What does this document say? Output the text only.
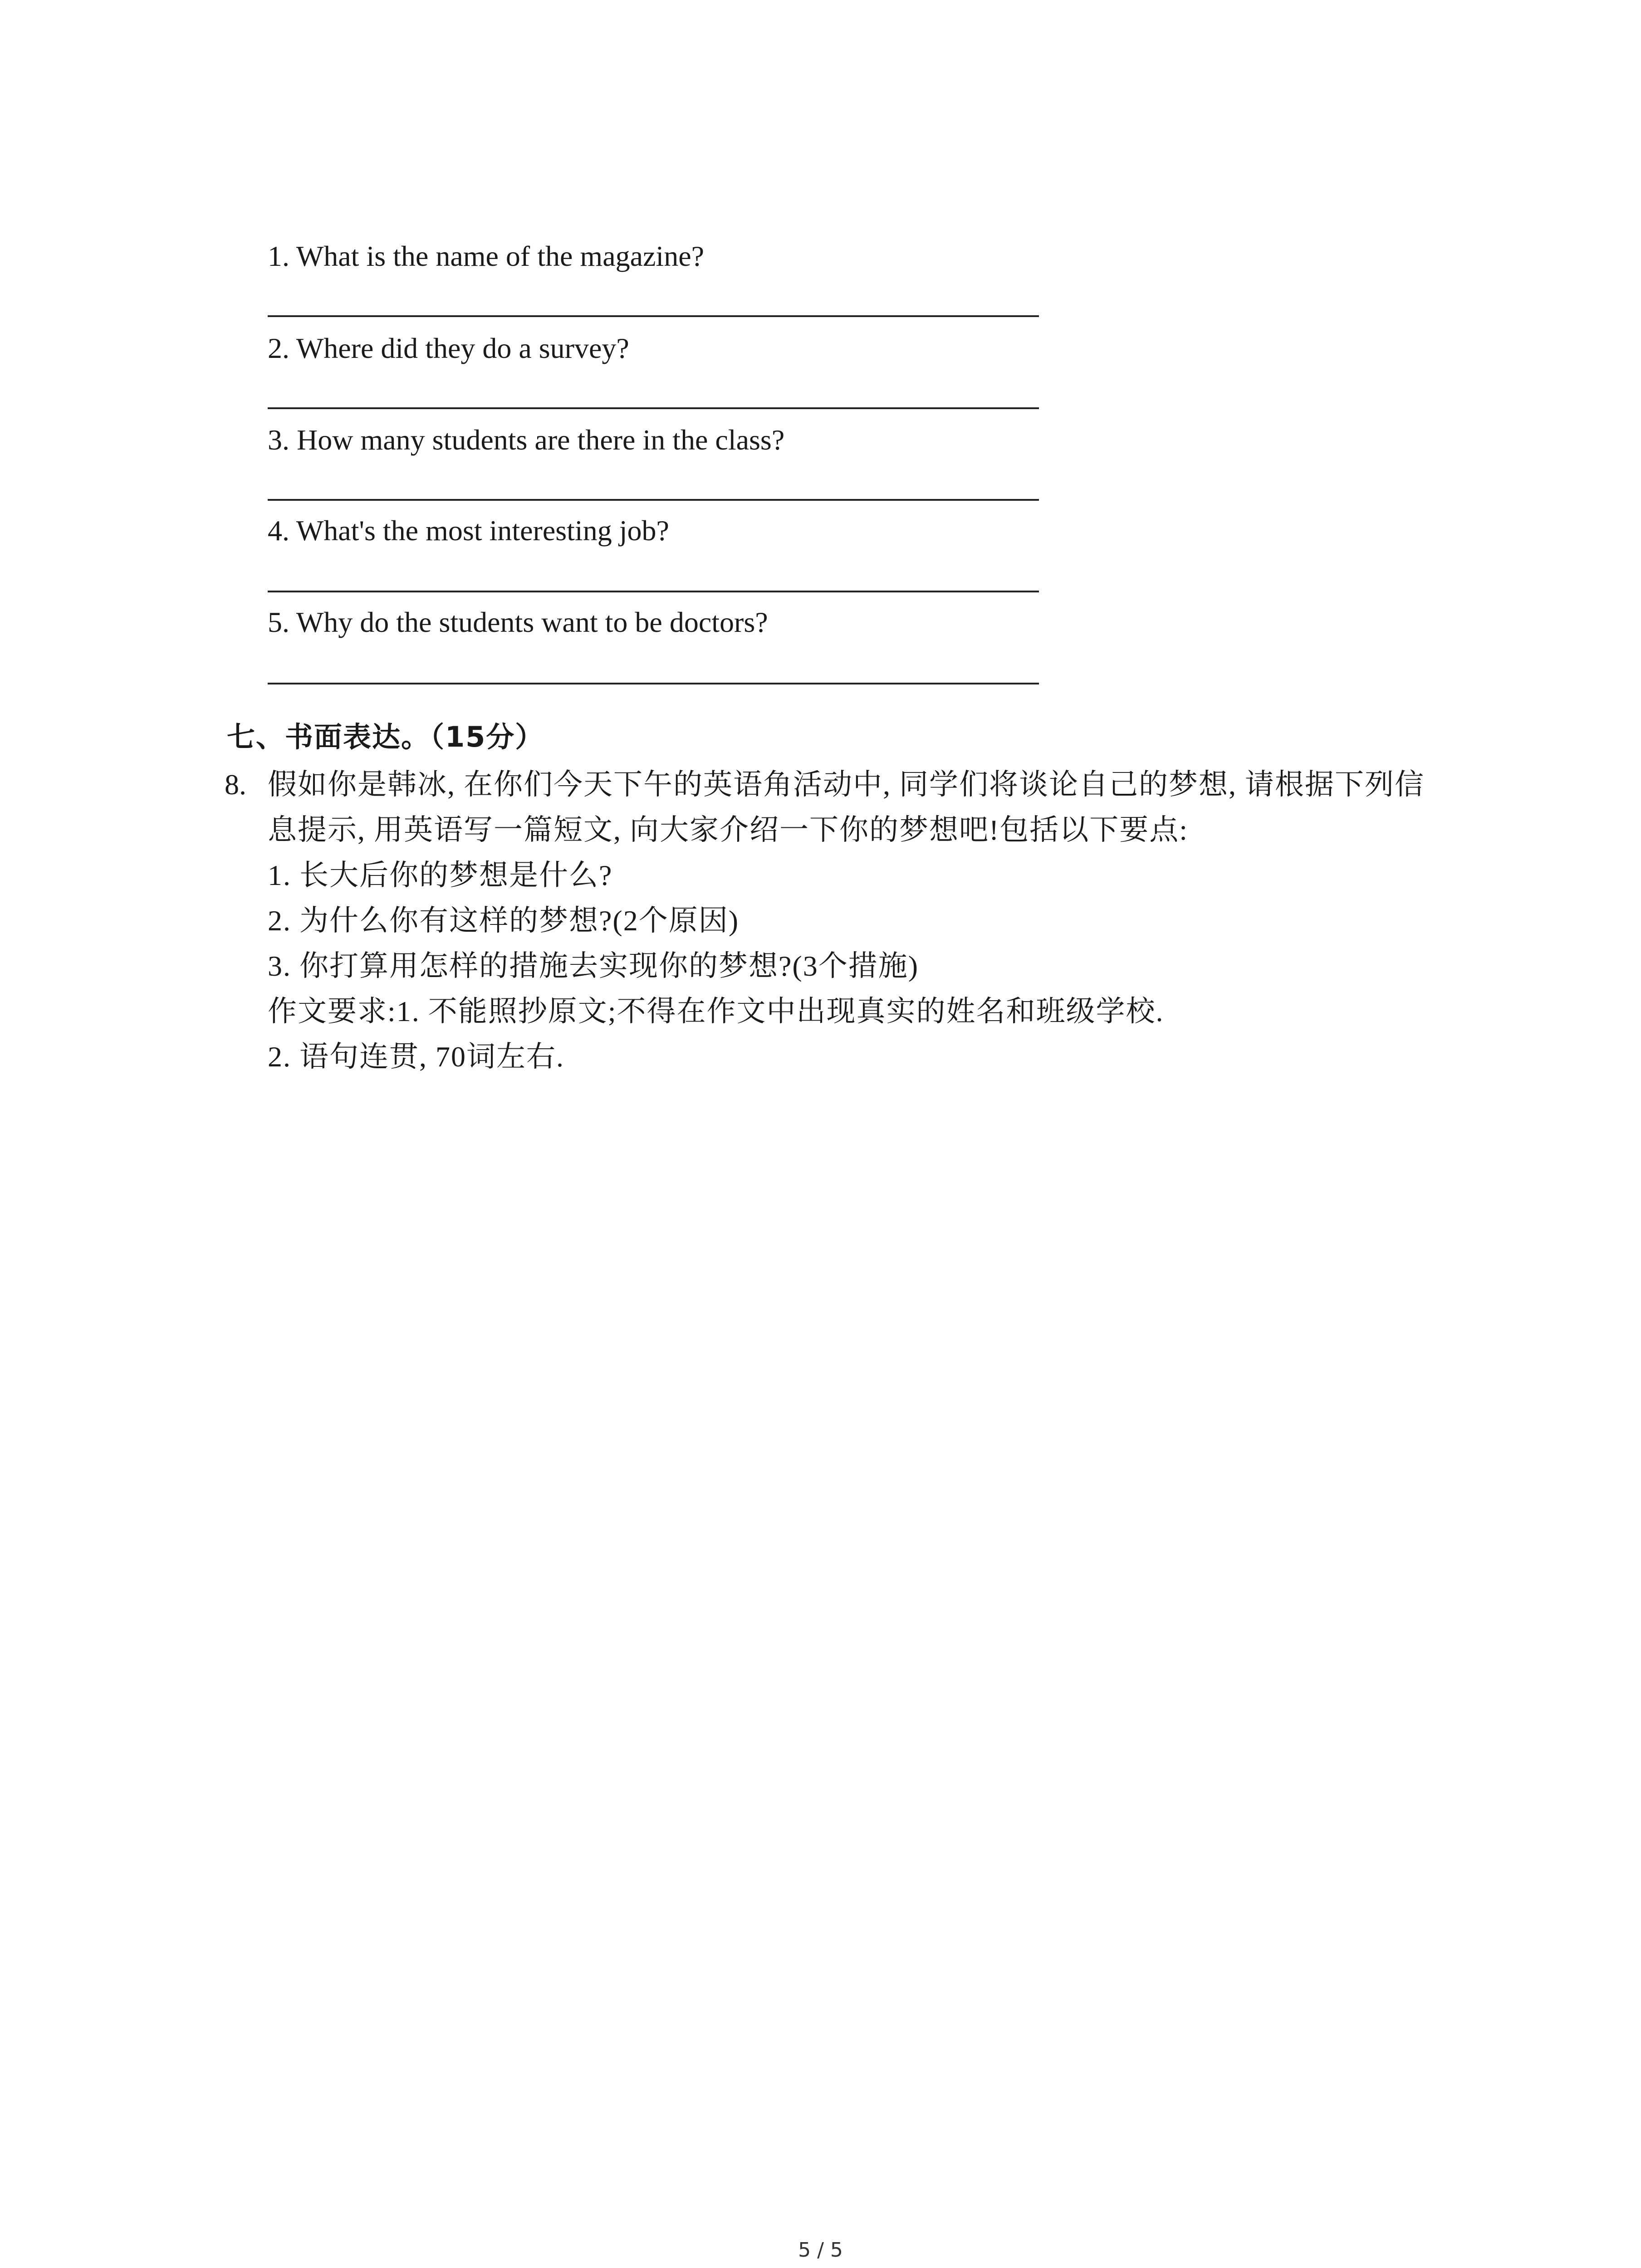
1. What is the name of the magazine?
2. Where did they do a survey?
3. How many students are there in the class?
4. What's the most interesting job?
5. Why do the students want to be doctors?
七、书面表达。（15分）
8. 假如你是韩冰, 在你们今天下午的英语角活动中, 同学们将谈论自己的梦想, 请根据下列信
息提示, 用英语写一篇短文, 向大家介绍一下你的梦想吧!包括以下要点:
1. 长大后你的梦想是什么?
2. 为什么你有这样的梦想?(2个原因)
3. 你打算用怎样的措施去实现你的梦想?(3个措施)
作文要求:1. 不能照抄原文;不得在作文中出现真实的姓名和班级学校.
2. 语句连贯, 70词左右.
5 / 5
